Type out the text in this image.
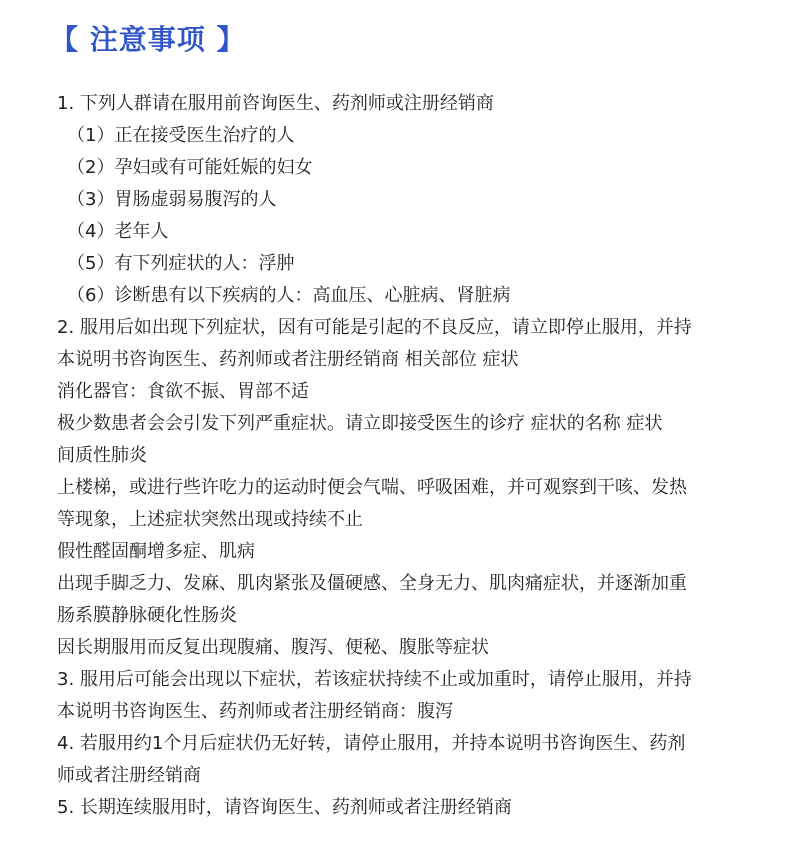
【 注意事项 】
1. 下列人群请在服用前咨询医生、药剂师或注册经销商
（1）正在接受医生治疗的人
（2）孕妇或有可能妊娠的妇女
（3）胃肠虚弱易腹泻的人
（4）老年人
（5）有下列症状的人：浮肿
（6）诊断患有以下疾病的人：高血压、心脏病、肾脏病
2. 服用后如出现下列症状，因有可能是引起的不良反应，请立即停止服用，并持
本说明书咨询医生、药剂师或者注册经销商 相关部位 症状
消化器官：食欲不振、胃部不适
极少数患者会会引发下列严重症状。请立即接受医生的诊疗 症状的名称 症状
间质性肺炎
上楼梯，或进行些许吃力的运动时便会气喘、呼吸困难，并可观察到干咳、发热
等现象，上述症状突然出现或持续不止
假性醛固酮增多症、肌病
出现手脚乏力、发麻、肌肉紧张及僵硬感、全身无力、肌肉痛症状，并逐渐加重
肠系膜静脉硬化性肠炎
因长期服用而反复出现腹痛、腹泻、便秘、腹胀等症状
3. 服用后可能会出现以下症状，若该症状持续不止或加重时，请停止服用，并持
本说明书咨询医生、药剂师或者注册经销商：腹泻
4. 若服用约1个月后症状仍无好转，请停止服用，并持本说明书咨询医生、药剂
师或者注册经销商
5. 长期连续服用时，请咨询医生、药剂师或者注册经销商
